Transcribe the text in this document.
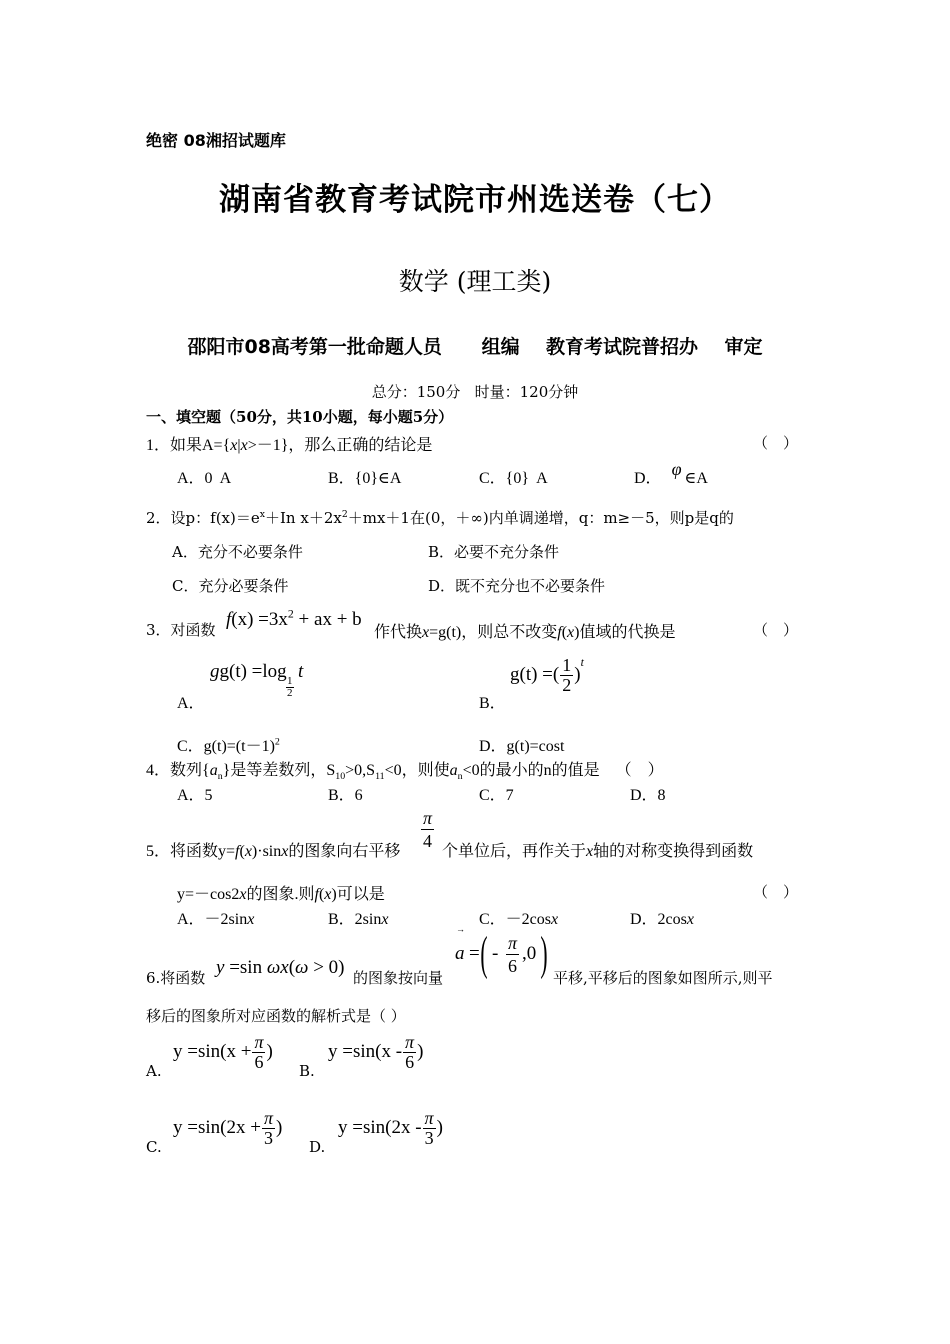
绝密 08湘招试题库
湖南省教育考试院市州选送卷（七）
数学 (理工类)
邵阳市08高考第一批命题人员      组编    教育考试院普招办    审定
总分：150分   时量：120分钟
一、填空题（50分，共10小题，每小题5分）
1．如果A={x|x>－1}，那么正确的结论是	（    ）
A．0  A	B．{0}∈A	C．{0}  A	D． φ ∈A
2．设p：$f(x)=e^x+In$ $x+2x^2+mx+1$在(0，＋∞)内单调递增，q：m≥－5，则p是q的
A．充分不必要条件	B．必要不充分条件
C．充分必要条件	D．既不充分也不必要条件
3．对函数 $f(x) =3x^2$ + ax + b
作代换x=g(t)，则总不改变f(x)值域的代换是	（    ）
A．
gg(t) =log 1
2
t
B．
g(t) =( $\frac{1}{2} )^t$
C．$g(t)=(t-1)^2$	D．g(t)=cost
4．数列$\{a_n\}$是等差数列，$S_{10}>0,S_{11}<0$，则使$a_n<0$的最小的n的值是    （    ）
A．5	B．6	C．7	D．8
5．将函数y=f(x)·sinx的图象向右平移
π
4
个单位后，再作关于x轴的对称变换得到函数
y=－cos2x的图象.则f(x)可以是	（    ）
A．－2sinx	B．2sinx	C．－2cosx	D．2cosx
6.将函数 y =sin ωx(ω > 0) 的图象按向量
→
a = ( - π
6
,0 ) 平移,平移后的图象如图所示,则平
移后的图象所对应函数的解析式是（ ）
A.
$y =\sin(x + \frac{\pi}{6}$ )
B.
$y =\sin(x - \frac{\pi}{6}$ )
C.
$y =\sin(2x + \frac{\pi}{3}$ )
D.
$y =\sin(2x - \frac{\pi}{3}$ )
